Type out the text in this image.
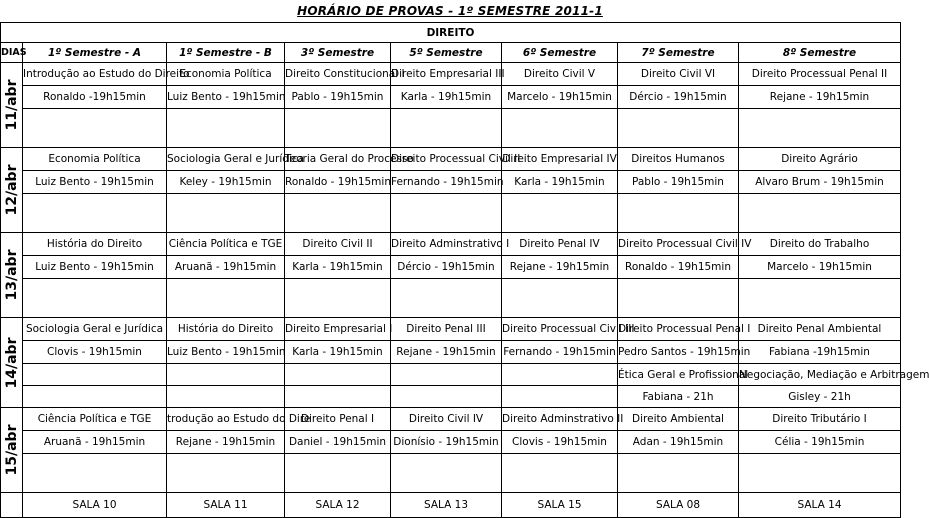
HORÁRIO DE PROVAS - 1º SEMESTRE 2011-1
DIREITO							
DIAS	1º Semestre - A	1º Semestre - B	3º Semestre	5º Semestre	6º Semestre	7º Semestre	8º Semestre

11/abr	Introdução ao Estudo do Direito	Economia Política	Direito Constitucional I	Direito Empresarial III	Direito Civil V	Direito Civil VI	Direito Processual Penal II
	Ronaldo -19h15min	Luiz Bento - 19h15min	Pablo - 19h15min	Karla - 19h15min	Marcelo - 19h15min	Dércio - 19h15min	Rejane - 19h15min

12/abr	Economia Política	Sociologia Geral e Jurídica	Teoria Geral do Processo	Direito Processual Civil II	Direito Empresarial IV	Direitos Humanos	Direito Agrário
	Luiz Bento - 19h15min	Keley - 19h15min	Ronaldo - 19h15min	Fernando - 19h15min	Karla - 19h15min	Pablo - 19h15min	Alvaro Brum - 19h15min

13/abr	História do Direito	Ciência Política e TGE	Direito Civil II	Direito Adminstrativo I	Direito Penal IV	Direito Processual Civil IV	Direito do Trabalho
	Luiz Bento - 19h15min	Aruanã - 19h15min	Karla - 19h15min	Dércio - 19h15min	Rejane - 19h15min	Ronaldo - 19h15min	Marcelo - 19h15min

14/abr	Sociologia Geral e Jurídica	História do Direito	Direito Empresarial I	Direito Penal III	Direito Processual Civil III	Direito Processual Penal I	Direito Penal Ambiental
	Clovis - 19h15min	Luiz Bento - 19h15min	Karla - 19h15min	Rejane - 19h15min	Fernando - 19h15min	Pedro Santos - 19h15min	Fabiana -19h15min
						Ética Geral e Profissional	Negociação, Mediação e Arbitragem
						Fabiana - 21h	Gisley - 21h

15/abr	Ciência Política e TGE	trodução ao Estudo do Dire	Direito Penal I	Direito Civil IV	Direito Adminstrativo II	Direito Ambiental	Direito Tributário I
	Aruanã - 19h15min	Rejane - 19h15min	Daniel - 19h15min	Dionísio - 19h15min	Clovis - 19h15min	Adan - 19h15min	Célia - 19h15min

	SALA 10	SALA 11	SALA 12	SALA 13	SALA 15	SALA 08	SALA 14
